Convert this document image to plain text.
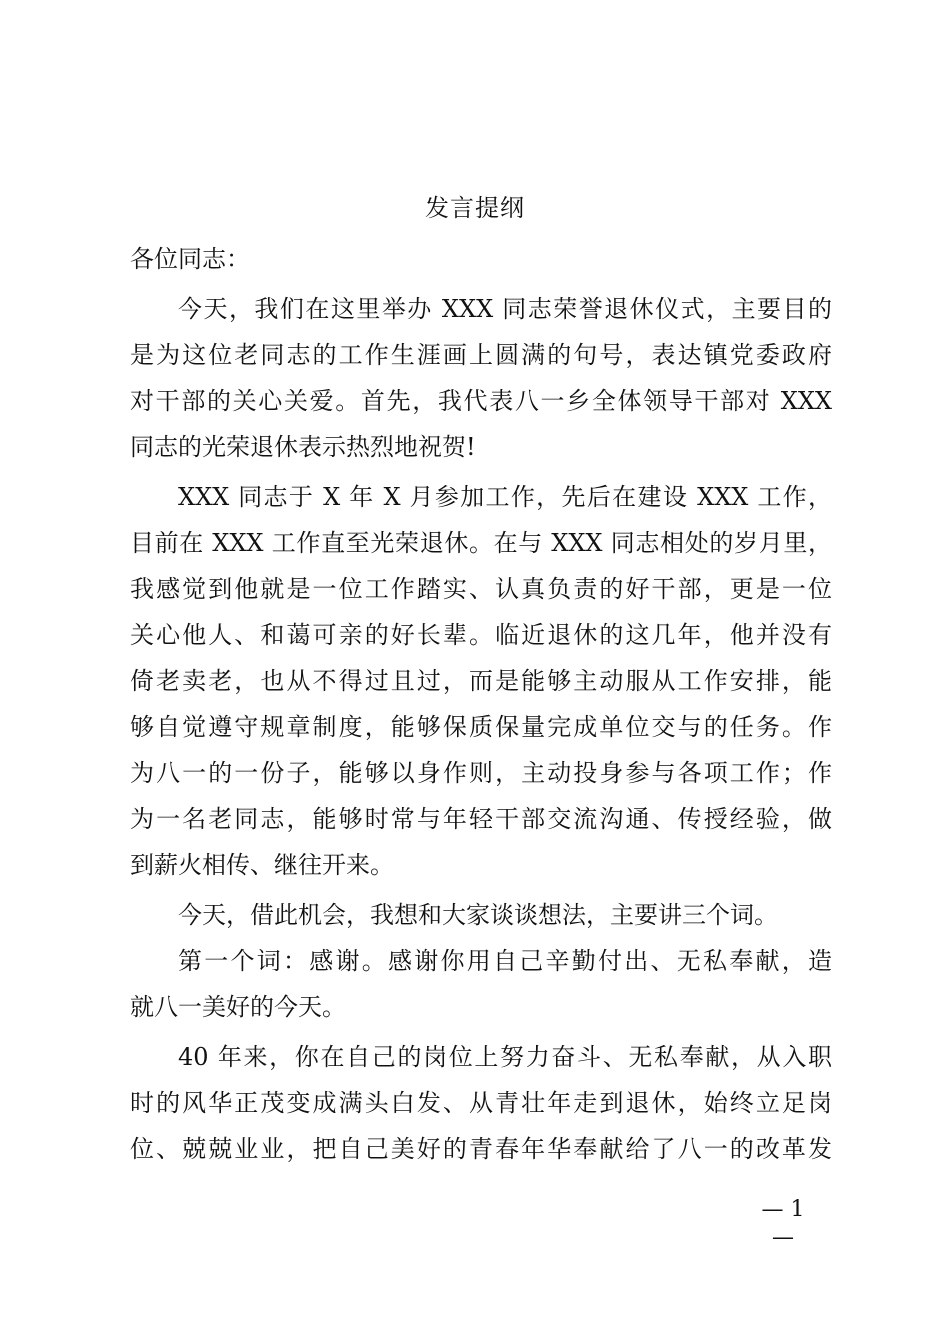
发言提纲
各位同志：
今天，我们在这里举办 XXX 同志荣誉退休仪式，主要目的
是为这位老同志的工作生涯画上圆满的句号，表达镇党委政府
对干部的关心关爱。首先，我代表八一乡全体领导干部对 XXX
同志的光荣退休表示热烈地祝贺!
XXX 同志于 X 年 X 月参加工作，先后在建设 XXX 工作，
目前在 XXX 工作直至光荣退休。在与 XXX 同志相处的岁月里，
我感觉到他就是一位工作踏实、认真负责的好干部，更是一位
关心他人、和蔼可亲的好长辈。临近退休的这几年，他并没有
倚老卖老，也从不得过且过，而是能够主动服从工作安排，能
够自觉遵守规章制度，能够保质保量完成单位交与的任务。作
为八一的一份子，能够以身作则，主动投身参与各项工作；作
为一名老同志，能够时常与年轻干部交流沟通、传授经验，做
到薪火相传、继往开来。
今天，借此机会，我想和大家谈谈想法，主要讲三个词。
第一个词：感谢。感谢你用自己辛勤付出、无私奉献，造
就八一美好的今天。
40 年来，你在自己的岗位上努力奋斗、无私奉献，从入职
时的风华正茂变成满头白发、从青壮年走到退休，始终立足岗
位、兢兢业业，把自己美好的青春年华奉献给了八一的改革发
— 1 —
